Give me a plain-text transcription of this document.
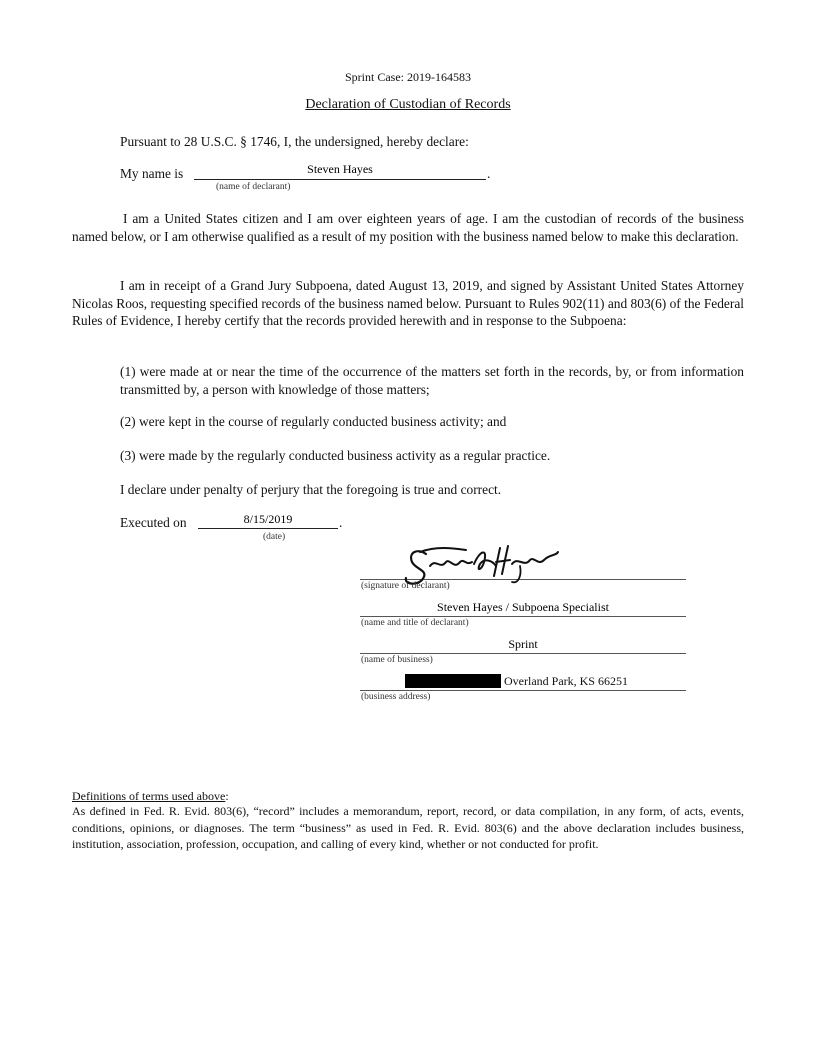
Sprint Case: 2019-164583
Declaration of Custodian of Records
Pursuant to 28 U.S.C. § 1746, I, the undersigned, hereby declare:
My name is	Steven Hayes	.
(name of declarant)
I am a United States citizen and I am over eighteen years of age. I am the custodian of records of the business named below, or I am otherwise qualified as a result of my position with the business named below to make this declaration.
I am in receipt of a Grand Jury Subpoena, dated August 13, 2019, and signed by Assistant United States Attorney Nicolas Roos, requesting specified records of the business named below. Pursuant to Rules 902(11) and 803(6) of the Federal Rules of Evidence, I hereby certify that the records provided herewith and in response to the Subpoena:
(1) were made at or near the time of the occurrence of the matters set forth in the records, by, or from information transmitted by, a person with knowledge of those matters;
(2) were kept in the course of regularly conducted business activity; and
(3) were made by the regularly conducted business activity as a regular practice.
I declare under penalty of perjury that the foregoing is true and correct.
Executed on	8/15/2019	.
(date)
(signature of declarant)
Steven Hayes / Subpoena Specialist
(name and title of declarant)
Sprint
(name of business)
Overland Park, KS 66251
(business address)
Definitions of terms used above:
As defined in Fed. R. Evid. 803(6), “record” includes a memorandum, report, record, or data compilation, in any form, of acts, events, conditions, opinions, or diagnoses. The term “business” as used in Fed. R. Evid. 803(6) and the above declaration includes business, institution, association, profession, occupation, and calling of every kind, whether or not conducted for profit.
